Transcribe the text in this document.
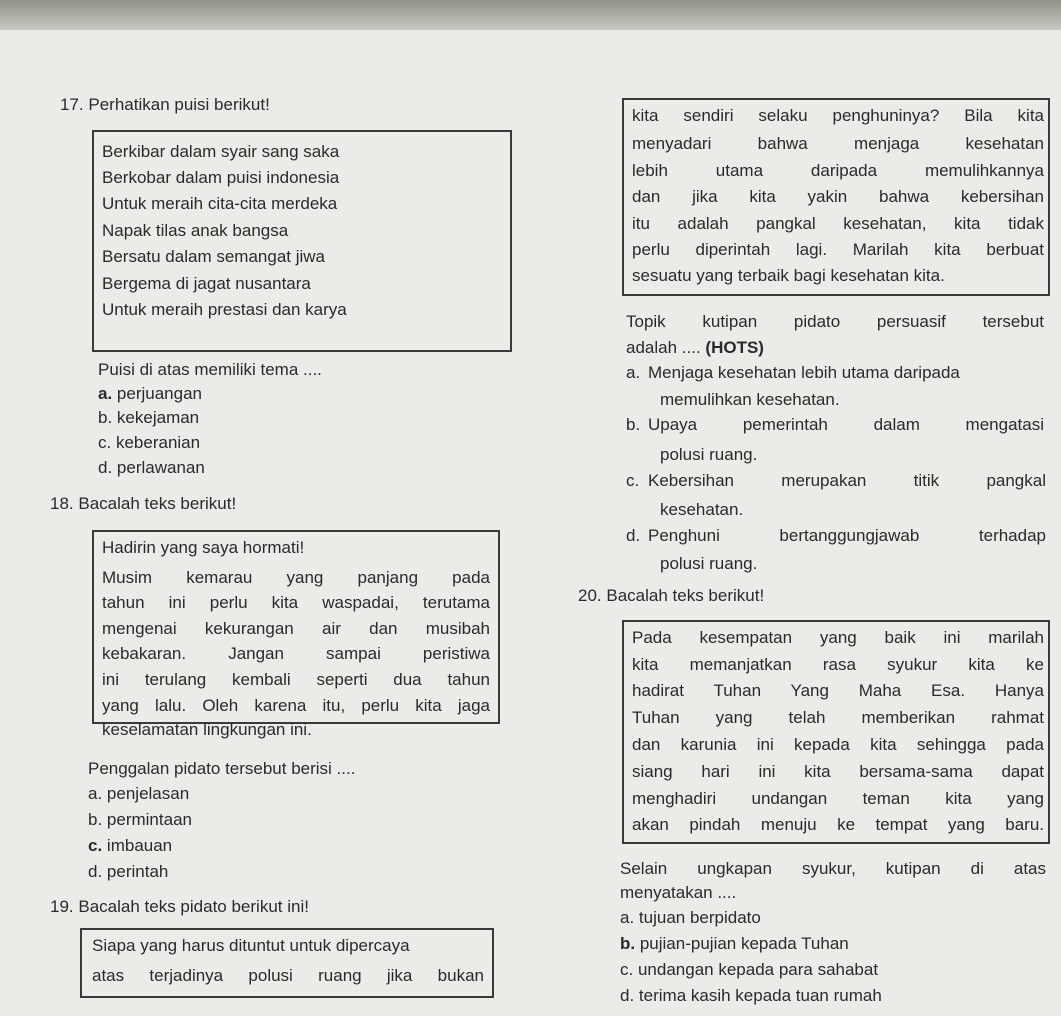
17. Perhatikan puisi berikut!
Berkibar dalam syair sang saka
Berkobar dalam puisi indonesia
Untuk meraih cita-cita merdeka
Napak tilas anak bangsa
Bersatu dalam semangat jiwa
Bergema di jagat nusantara
Untuk meraih prestasi dan karya
Puisi di atas memiliki tema ....
a. perjuangan
b. kekejaman
c. keberanian
d. perlawanan
18. Bacalah teks berikut!
Hadirin yang saya hormati!
Musim kemarau yang panjang pada
tahun ini perlu kita waspadai, terutama
mengenai kekurangan air dan musibah
kebakaran. Jangan sampai peristiwa
ini terulang kembali seperti dua tahun
yang lalu. Oleh karena itu, perlu kita jaga
keselamatan lingkungan ini.
Penggalan pidato tersebut berisi ....
a. penjelasan
b. permintaan
c. imbauan
d. perintah
19. Bacalah teks pidato berikut ini!
Siapa yang harus dituntut untuk dipercaya
atas terjadinya polusi ruang jika bukan
kita sendiri selaku penghuninya? Bila kita
menyadari bahwa menjaga kesehatan
lebih utama daripada memulihkannya
dan jika kita yakin bahwa kebersihan
itu adalah pangkal kesehatan, kita tidak
perlu diperintah lagi. Marilah kita berbuat
sesuatu yang terbaik bagi kesehatan kita.
Topik kutipan pidato persuasif tersebut
adalah .... (HOTS)
a. Menjaga kesehatan lebih utama daripada
memulihkan kesehatan.
b. Upaya pemerintah dalam mengatasi
polusi ruang.
c. Kebersihan merupakan titik pangkal
kesehatan.
d. Penghuni bertanggungjawab terhadap
polusi ruang.
20. Bacalah teks berikut!
Pada kesempatan yang baik ini marilah
kita memanjatkan rasa syukur kita ke
hadirat Tuhan Yang Maha Esa. Hanya
Tuhan yang telah memberikan rahmat
dan karunia ini kepada kita sehingga pada
siang hari ini kita bersama-sama dapat
menghadiri undangan teman kita yang
akan pindah menuju ke tempat yang baru.
Selain ungkapan syukur, kutipan di atas
menyatakan ....
a. tujuan berpidato
b. pujian-pujian kepada Tuhan
c. undangan kepada para sahabat
d. terima kasih kepada tuan rumah
